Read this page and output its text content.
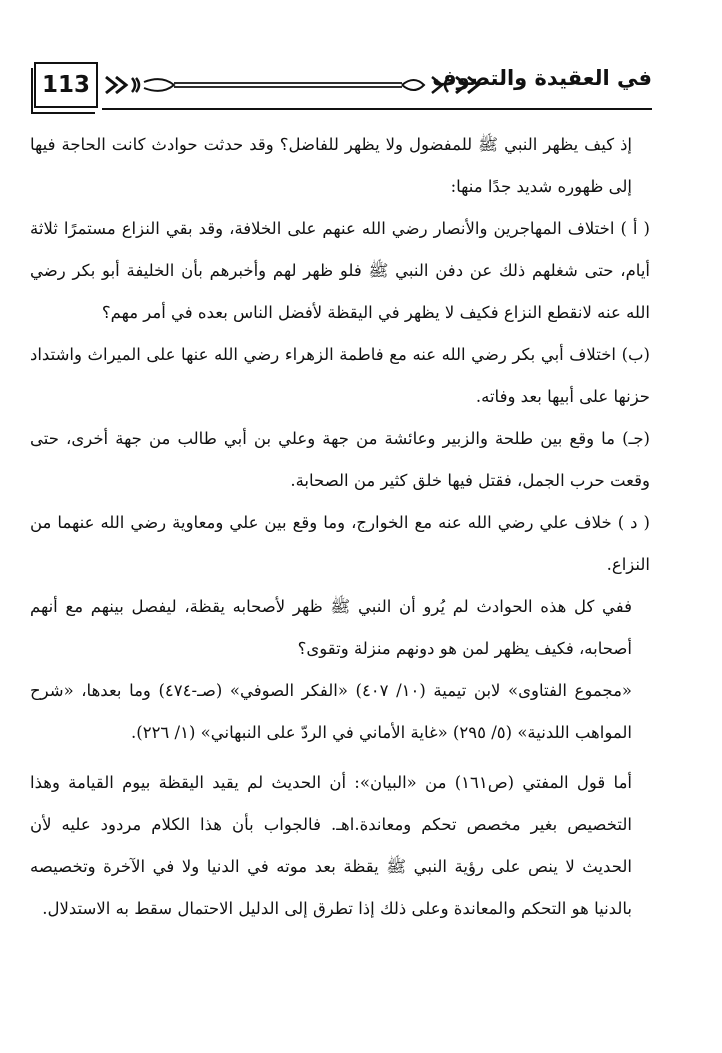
113	في العقيدة والتصوف

إذ كيف يظهر النبي ﷺ للمفضول ولا يظهر للفاضل؟ وقد حدثت حوادث كانت الحاجة فيها إلى ظهوره شديد جدًا منها:

( أ ) اختلاف المهاجرين والأنصار رضي الله عنهم على الخلافة، وقد بقي النزاع مستمرًا ثلاثة أيام، حتى شغلهم ذلك عن دفن النبي ﷺ فلو ظهر لهم وأخبرهم بأن الخليفة أبو بكر رضي الله عنه لانقطع النزاع فكيف لا يظهر في اليقظة لأفضل الناس بعده في أمر مهم؟

(ب) اختلاف أبي بكر رضي الله عنه مع فاطمة الزهراء رضي الله عنها على الميراث واشتداد حزنها على أبيها بعد وفاته.

(جـ) ما وقع بين طلحة والزبير وعائشة من جهة وعلي بن أبي طالب من جهة أخرى، حتى وقعت حرب الجمل، فقتل فيها خلق كثير من الصحابة.

( د ) خلاف علي رضي الله عنه مع الخوارج، وما وقع بين علي ومعاوية رضي الله عنهما من النزاع.

ففي كل هذه الحوادث لم يُرو أن النبي ﷺ ظهر لأصحابه يقظة، ليفصل بينهم مع أنهم أصحابه، فكيف يظهر لمن هو دونهم منزلة وتقوى؟

«مجموع الفتاوى» لابن تيمية (١٠/ ٤٠٧) «الفكر الصوفي» (صـ-٤٧٤) وما بعدها، «شرح المواهب اللدنية» (٥/ ٢٩٥) «غاية الأماني في الردّ على النبهاني» (١/ ٢٢٦).

أما قول المفتي (ص١٦١) من «البيان»: أن الحديث لم يقيد اليقظة بيوم القيامة وهذا التخصيص بغير مخصص تحكم ومعاندة.اهـ. فالجواب بأن هذا الكلام مردود عليه لأن الحديث لا ينص على رؤية النبي ﷺ يقظة بعد موته في الدنيا ولا في الآخرة وتخصيصه بالدنيا هو التحكم والمعاندة وعلى ذلك إذا تطرق إلى الدليل الاحتمال سقط به الاستدلال.
